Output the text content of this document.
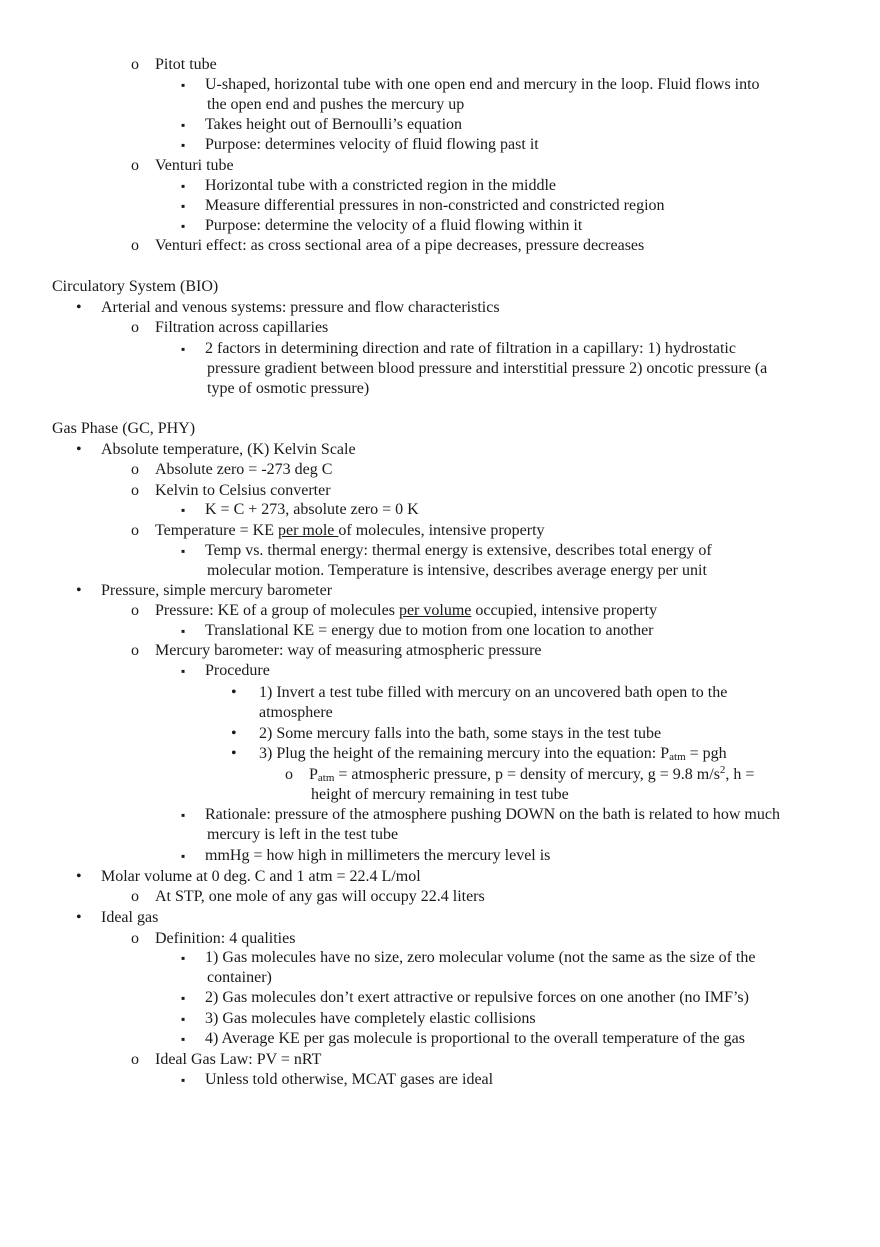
o Pitot tube
▪ U-shaped, horizontal tube with one open end and mercury in the loop. Fluid flows into
the open end and pushes the mercury up
▪ Takes height out of Bernoulli’s equation
▪ Purpose: determines velocity of fluid flowing past it
o Venturi tube
▪ Horizontal tube with a constricted region in the middle
▪ Measure differential pressures in non-constricted and constricted region
▪ Purpose: determine the velocity of a fluid flowing within it
o Venturi effect: as cross sectional area of a pipe decreases, pressure decreases
Circulatory System (BIO)
• Arterial and venous systems: pressure and flow characteristics
o Filtration across capillaries
▪ 2 factors in determining direction and rate of filtration in a capillary: 1) hydrostatic
pressure gradient between blood pressure and interstitial pressure 2) oncotic pressure (a
type of osmotic pressure)
Gas Phase (GC, PHY)
• Absolute temperature, (K) Kelvin Scale
o Absolute zero = -273 deg C
o Kelvin to Celsius converter
▪ K = C + 273, absolute zero = 0 K
o Temperature = KE per mole of molecules, intensive property
▪ Temp vs. thermal energy: thermal energy is extensive, describes total energy of
molecular motion. Temperature is intensive, describes average energy per unit
• Pressure, simple mercury barometer
o Pressure: KE of a group of molecules per volume occupied, intensive property
▪ Translational KE = energy due to motion from one location to another
o Mercury barometer: way of measuring atmospheric pressure
▪ Procedure
• 1) Invert a test tube filled with mercury on an uncovered bath open to the
atmosphere
• 2) Some mercury falls into the bath, some stays in the test tube
• 3) Plug the height of the remaining mercury into the equation: $P_{atm}$ = pgh
o $P_{atm}$ = atmospheric pressure, p = density of mercury, g = 9.8 $m/s^2$, h =
height of mercury remaining in test tube
▪ Rationale: pressure of the atmosphere pushing DOWN on the bath is related to how much
mercury is left in the test tube
▪ mmHg = how high in millimeters the mercury level is
• Molar volume at 0 deg. C and 1 atm = 22.4 L/mol
o At STP, one mole of any gas will occupy 22.4 liters
• Ideal gas
o Definition: 4 qualities
▪ 1) Gas molecules have no size, zero molecular volume (not the same as the size of the
container)
▪ 2) Gas molecules don’t exert attractive or repulsive forces on one another (no IMF’s)
▪ 3) Gas molecules have completely elastic collisions
▪ 4) Average KE per gas molecule is proportional to the overall temperature of the gas
o Ideal Gas Law: PV = nRT
▪ Unless told otherwise, MCAT gases are ideal
